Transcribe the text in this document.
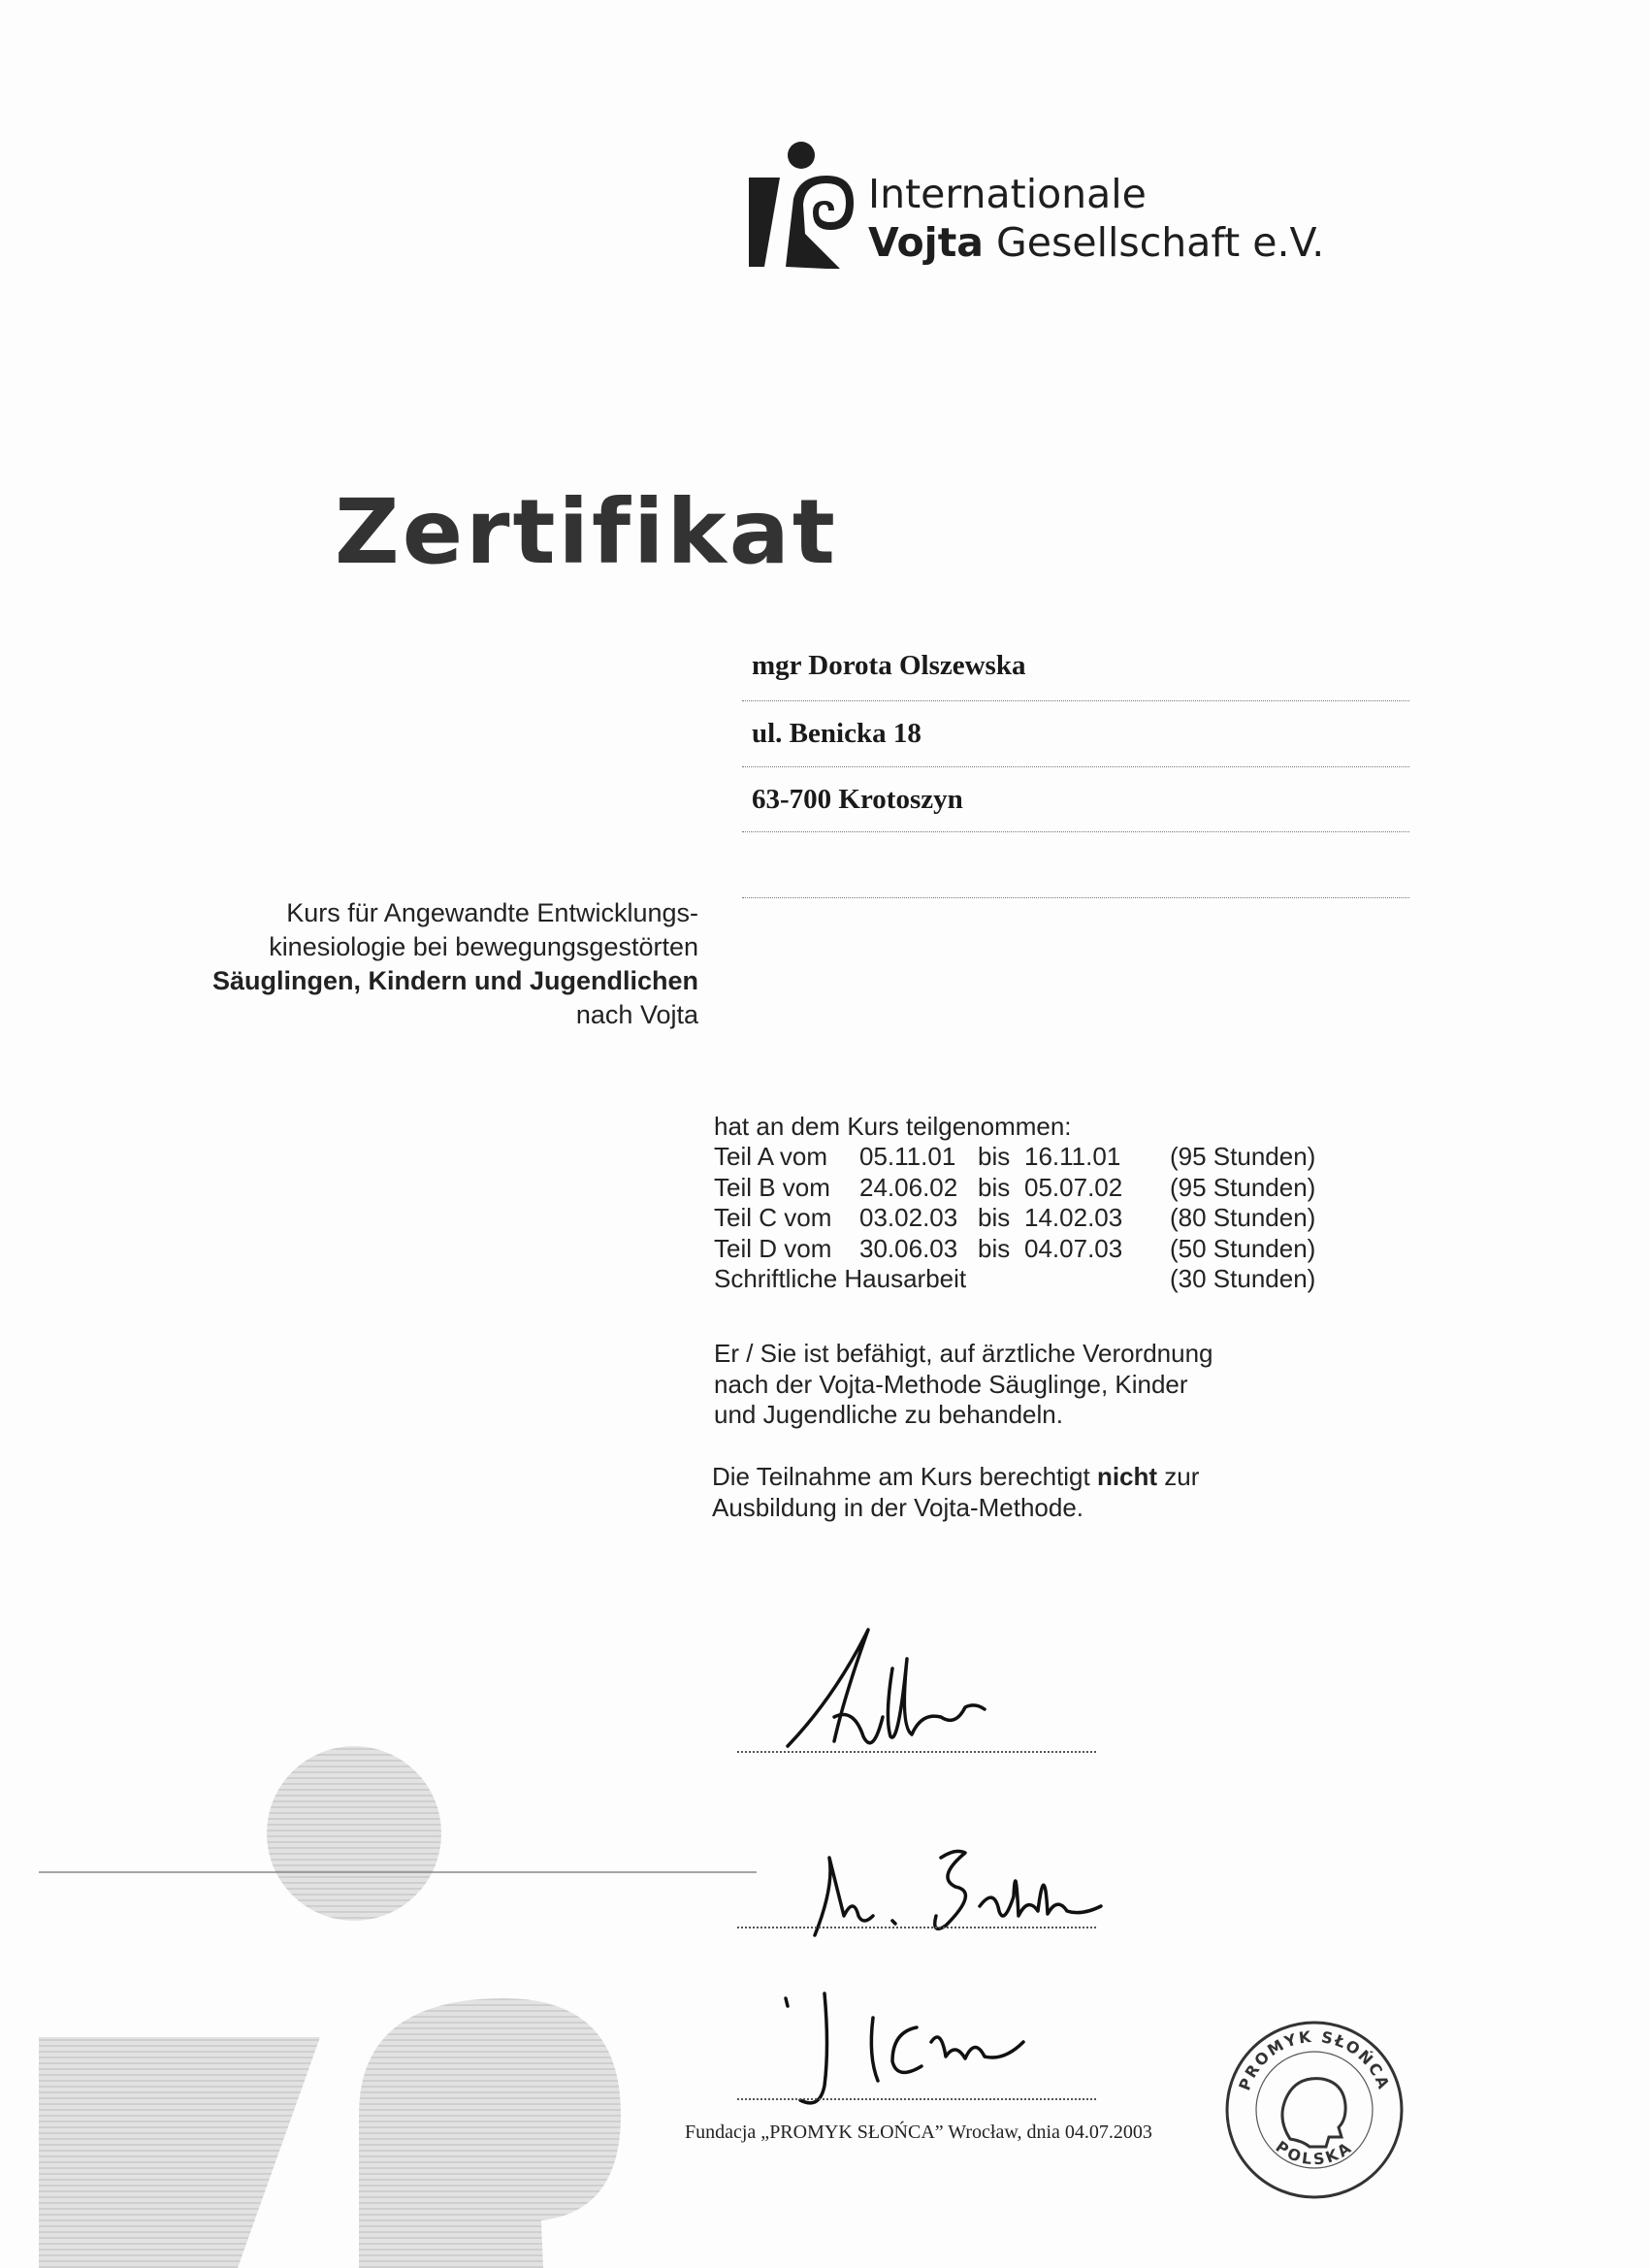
Internationale
Vojta Gesellschaft e.V.
Zertifikat
mgr Dorota Olszewska
ul. Benicka 18
63-700 Krotoszyn
Kurs für Angewandte Entwicklungs-
kinesiologie bei bewegungsgestörten
Säuglingen, Kindern und Jugendlichen
nach Vojta
hat an dem Kurs teilgenommen:
Teil A vom	05.11.01	bis	16.11.01	(95 Stunden)
Teil B vom	24.06.02	bis	05.07.02	(95 Stunden)
Teil C vom	03.02.03	bis	14.02.03	(80 Stunden)
Teil D vom	30.06.03	bis	04.07.03	(50 Stunden)
Schriftliche Hausarbeit				(30 Stunden)
Er / Sie ist befähigt, auf ärztliche Verordnung
nach der Vojta-Methode Säuglinge, Kinder
und Jugendliche zu behandeln.
Die Teilnahme am Kurs berechtigt nicht zur
Ausbildung in der Vojta-Methode.
Fundacja „PROMYK SŁOŃCA” Wrocław, dnia 04.07.2003
PROMYK SŁOŃCA
POLSKA
